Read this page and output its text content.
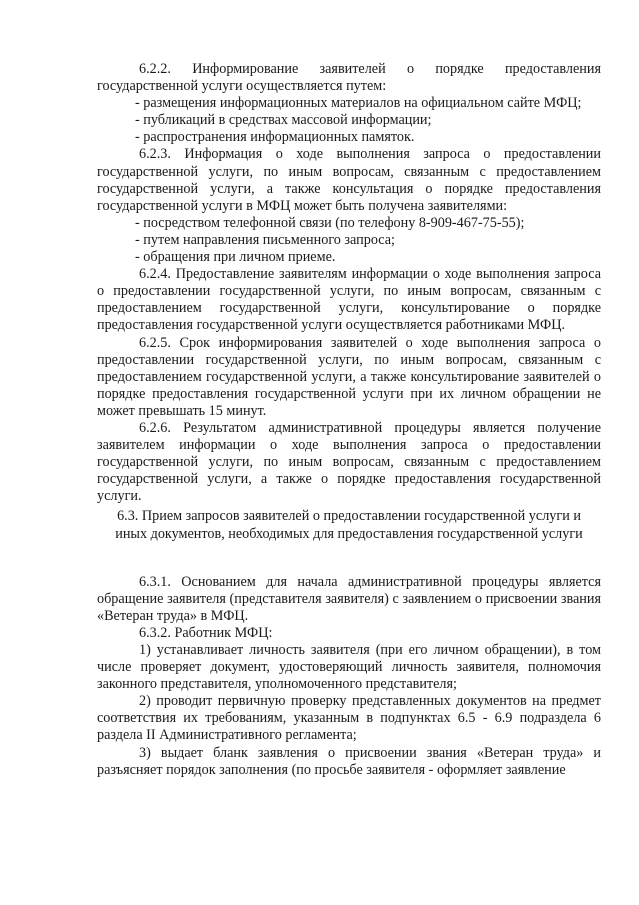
6.2.2. Информирование заявителей о порядке предоставления государственной услуги осуществляется путем:

- размещения информационных материалов на официальном сайте МФЦ;

- публикаций в средствах массовой информации;

- распространения информационных памяток.

6.2.3. Информация о ходе выполнения запроса о предоставлении государственной услуги, по иным вопросам, связанным с предоставлением государственной услуги, а также консультация о порядке предоставления государственной услуги в МФЦ может быть получена заявителями:

- посредством телефонной связи (по телефону 8-909-467-75-55);

- путем направления письменного запроса;

- обращения при личном приеме.

6.2.4. Предоставление заявителям информации о ходе выполнения запроса о предоставлении государственной услуги, по иным вопросам, связанным с предоставлением государственной услуги, консультирование о порядке предоставления государственной услуги осуществляется работниками МФЦ.

6.2.5. Срок информирования заявителей о ходе выполнения запроса о предоставлении государственной услуги, по иным вопросам, связанным с предоставлением государственной услуги, а также консультирование заявителей о порядке предоставления государственной услуги при их личном обращении не может превышать 15 минут.

6.2.6. Результатом административной процедуры является получение заявителем информации о ходе выполнения запроса о предоставлении государственной услуги, по иным вопросам, связанным с предоставлением государственной услуги, а также о порядке предоставления государственной услуги.

6.3. Прием запросов заявителей о предоставлении государственной услуги и иных документов, необходимых для предоставления государственной услуги

6.3.1. Основанием для начала административной процедуры является обращение заявителя (представителя заявителя) с заявлением о присвоении звания «Ветеран труда» в МФЦ.

6.3.2. Работник МФЦ:

1) устанавливает личность заявителя (при его личном обращении), в том числе проверяет документ, удостоверяющий личность заявителя, полномочия законного представителя, уполномоченного представителя;

2) проводит первичную проверку представленных документов на предмет соответствия их требованиям, указанным в подпунктах 6.5 - 6.9 подраздела 6 раздела II Административного регламента;

3) выдает бланк заявления о присвоении звания «Ветеран труда» и разъясняет порядок заполнения (по просьбе заявителя - оформляет заявление
